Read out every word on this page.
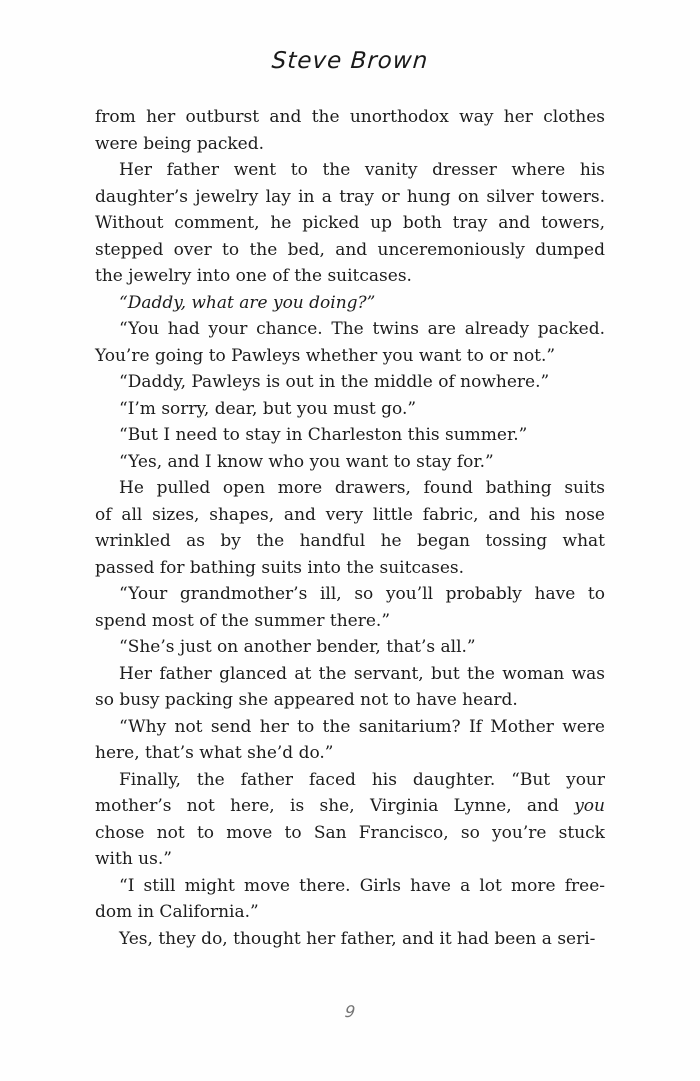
Steve Brown
from her outburst and the unorthodox way her clothes
were being packed.
Her father went to the vanity dresser where his
daughter’s jewelry lay in a tray or hung on silver towers.
Without comment, he picked up both tray and towers,
stepped over to the bed, and unceremoniously dumped
the jewelry into one of the suitcases.
“Daddy, what are you doing?”
“You had your chance. The twins are already packed.
You’re going to Pawleys whether you want to or not.”
“Daddy, Pawleys is out in the middle of nowhere.”
“I’m sorry, dear, but you must go.”
“But I need to stay in Charleston this summer.”
“Yes, and I know who you want to stay for.”
He pulled open more drawers, found bathing suits
of all sizes, shapes, and very little fabric, and his nose
wrinkled as by the handful he began tossing what
passed for bathing suits into the suitcases.
“Your grandmother’s ill, so you’ll probably have to
spend most of the summer there.”
“She’s just on another bender, that’s all.”
Her father glanced at the servant, but the woman was
so busy packing she appeared not to have heard.
“Why not send her to the sanitarium? If Mother were
here, that’s what she’d do.”
Finally, the father faced his daughter. “But your
mother’s not here, is she, Virginia Lynne, and you
chose not to move to San Francisco, so you’re stuck
with us.”
“I still might move there. Girls have a lot more free-
dom in California.”
Yes, they do, thought her father, and it had been a seri-
9
